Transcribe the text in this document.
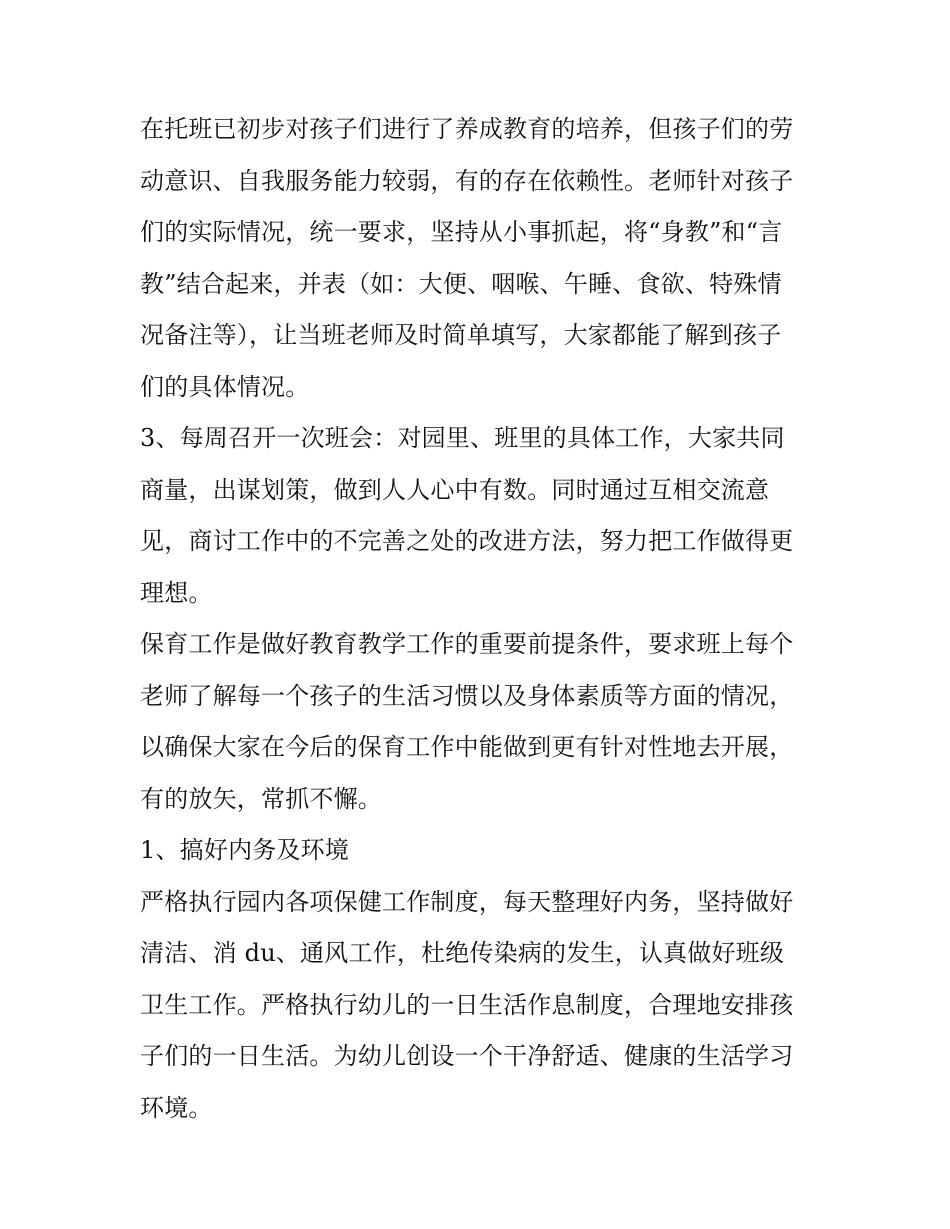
在托班已初步对孩子们进行了养成教育的培养，但孩子们的劳
动意识、自我服务能力较弱，有的存在依赖性。老师针对孩子
们的实际情况，统一要求，坚持从小事抓起，将“身教”和“言
教”结合起来，并表（如：大便、咽喉、午睡、食欲、特殊情
况备注等），让当班老师及时简单填写，大家都能了解到孩子
们的具体情况。
3、每周召开一次班会：对园里、班里的具体工作，大家共同
商量，出谋划策，做到人人心中有数。同时通过互相交流意
见，商讨工作中的不完善之处的改进方法，努力把工作做得更
理想。
保育工作是做好教育教学工作的重要前提条件，要求班上每个
老师了解每一个孩子的生活习惯以及身体素质等方面的情况，
以确保大家在今后的保育工作中能做到更有针对性地去开展，
有的放矢，常抓不懈。
1、搞好内务及环境
严格执行园内各项保健工作制度，每天整理好内务，坚持做好
清洁、消 du、通风工作，杜绝传染病的发生，认真做好班级
卫生工作。严格执行幼儿的一日生活作息制度，合理地安排孩
子们的一日生活。为幼儿创设一个干净舒适、健康的生活学习
环境。
